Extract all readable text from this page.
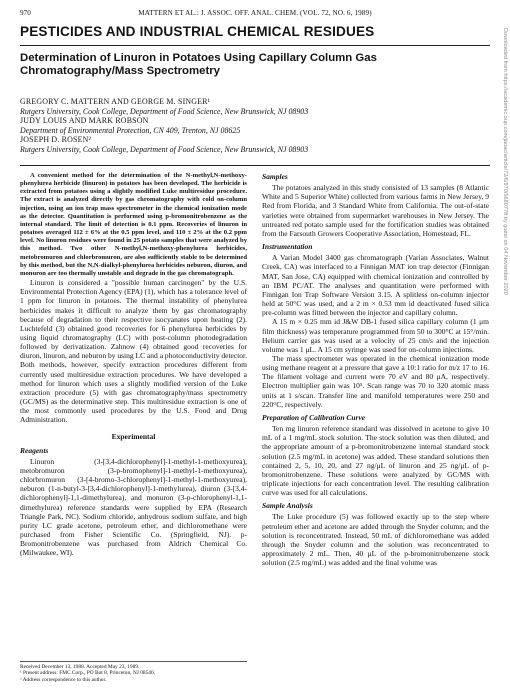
970	MATTERN ET AL.: J. ASSOC. OFF. ANAL. CHEM. (VOL. 72, NO. 6, 1989)
PESTICIDES AND INDUSTRIAL CHEMICAL RESIDUES
Determination of Linuron in Potatoes Using Capillary Column Gas Chromatography/Mass Spectrometry
GREGORY C. MATTERN AND GEORGE M. SINGER¹
Rutgers University, Cook College, Department of Food Science, New Brunswick, NJ 08903
JUDY LOUIS AND MARK ROBSON
Department of Environmental Protection, CN 409, Trenton, NJ 08625
JOSEPH D. ROSEN²
Rutgers University, Cook College, Department of Food Science, New Brunswick, NJ 08903

A convenient method for the determination of the N-methyl,N-methoxy-phenylurea herbicide (linuron) in potatoes has been developed. The herbicide is extracted from potatoes using a slightly modified Luke multiresidue procedure. The extract is analyzed directly by gas chromatography with cold on-column injection, using an ion trap mass spectrometer in the chemical ionization mode as the detector. Quantitation is performed using p-bromonitrobenzene as the internal standard. The limit of detection is 0.1 ppm. Recoveries of linuron in potatoes averaged 112 ± 6% at the 0.5 ppm level, and 110 ± 2% at the 0.2 ppm level. No linuron residues were found in 25 potato samples that were analyzed by this method. Two other N-methyl,N-methoxy-phenylurea herbicides, metobromuron and chlorbromuron, are also sufficiently stable to be determined by this method, but the N,N-dialkyl-phenylurea herbicides neburon, diuron, and monuron are too thermally unstable and degrade in the gas chromatograph.

Linuron is considered a "possible human carcinogen" by the U.S. Environmental Protection Agency (EPA) (1), which has a tolerance level of 1 ppm for linuron in potatoes. The thermal instability of phenylurea herbicides makes it difficult to analyze them by gas chromatography because of degradation to their respective isocyanates upon heating (2). Luchtefeld (3) obtained good recoveries for 6 phenylurea herbicides by using liquid chromatography (LC) with post-column photodegradation followed by derivatization. Zahnow (4) obtained good recoveries for diuron, linuron, and neburon by using LC and a photoconductivity detector. Both methods, however, specify extraction procedures different from currently used multiresidue extraction procedures. We have developed a method for linuron which uses a slightly modified version of the Luke extraction procedure (5) with gas chromatography/mass spectrometry (GC/MS) as the determinative step. This multiresidue extraction is one of the most commonly used procedures by the U.S. Food and Drug Administration.

Experimental

Reagents

Linuron (3-[3,4-dichlorophenyl]-1-methyl-1-methoxyurea), metobromuron (3-p-bromophenyl]-1-methyl-1-methoxyurea), chlorbromuron (3-[4-bromo-3-chlorophenyl]-1-methyl-1-methoxyurea), neburon (1-n-butyl-3-[3,4-dichlorophenyl]-1-methylurea), diuron (3-[3,4-dichlorophenyl]-1,1-dimethylurea), and monuron (3-p-chlorophenyl-1,1-dimethylurea) reference standards were supplied by EPA (Research Triangle Park, NC). Sodium chloride, anhydrous sodium sulfate, and high purity LC grade acetone, petroleum ether, and dichloromethane were purchased from Fisher Scientific Co. (Springfield, NJ). p-Bromonitrobenzene was purchased from Aldrich Chemical Co. (Milwaukee, WI).

Received December 13, 1988. Accepted May 23, 1989.
¹ Present address: FMC Corp., PO Bot 8, Princeton, NJ 08540.
² Address correspondence to this author.

Samples

The potatoes analyzed in this study consisted of 13 samples (8 Atlantic White and 5 Superior White) collected from various farms in New Jersey, 9 Red from Florida, and 3 Standard White from California. The out-of-state varieties were obtained from supermarket warehouses in New Jersey. The untreated red potato sample used for the fortification studies was obtained from the Farsouth Growers Cooperative Association, Homestead, FL.

Instrumentation

A Varian Model 3400 gas chromatograph (Varian Associates, Walnut Creek, CA) was interfaced to a Finnigan MAT ion trap detector (Finnigan MAT, San Jose, CA) equipped with chemical ionization and controlled by an IBM PC/AT. The analyses and quantitation were performed with Finnigan Ion Trap Software Version 3.15. A splitless on-column injector held at 50°C was used, and a 2 m × 0.53 mm id deactivated fused silica pre-column was fitted between the injector and capillary column.

A 15 m × 0.25 mm id J&W DB-1 fused silica capillary column (1 μm film thickness) was temperature programmed from 50 to 300°C at 15°/min. Helium carrier gas was used at a velocity of 25 cm/s and the injection volume was 1 μL. A 15 cm syringe was used for on-column injections.

The mass spectrometer was operated in the chemical ionization mode using methane reagent at a pressure that gave a 10:1 ratio for m/z 17 to 16. The filament voltage and current were 70 eV and 80 μA, respectively. Electron multiplier gain was 10⁵. Scan range was 70 to 320 atomic mass units at 1 s/scan. Transfer line and manifold temperatures were 250 and 220°C, respectively.

Preparation of Calibration Curve

Ten mg linuron reference standard was dissolved in acetone to give 10 mL of a 1 mg/mL stock solution. The stock solution was then diluted, and the appropriate amount of a p-bromonitrobenzene internal standard stock solution (2.5 mg/mL in acetone) was added. These standard solutions then contained 2, 5, 10, 20, and 27 ng/μL of linuron and 25 ng/μL of p-bromonitrobenzene. These solutions were analyzed by GC/MS with triplicate injections for each concentration level. The resulting calibration curve was used for all calculations.

Sample Analysis

The Luke procedure (5) was followed exactly up to the step where petroleum ether and acetone are added through the Snyder column, and the solution is reconcentrated. Instead, 50 mL of dichloromethane was added through the Snyder column and the solution was reconcentrated to approximately 2 mL. Then, 40 μL of the p-bromonitrobenzene stock solution (2.5 mg/mL) was added and the final volume was

Downloaded from https://academic.oup.com/jaoac/article/72/6/970/5680778 by guest on 04 November 2020
